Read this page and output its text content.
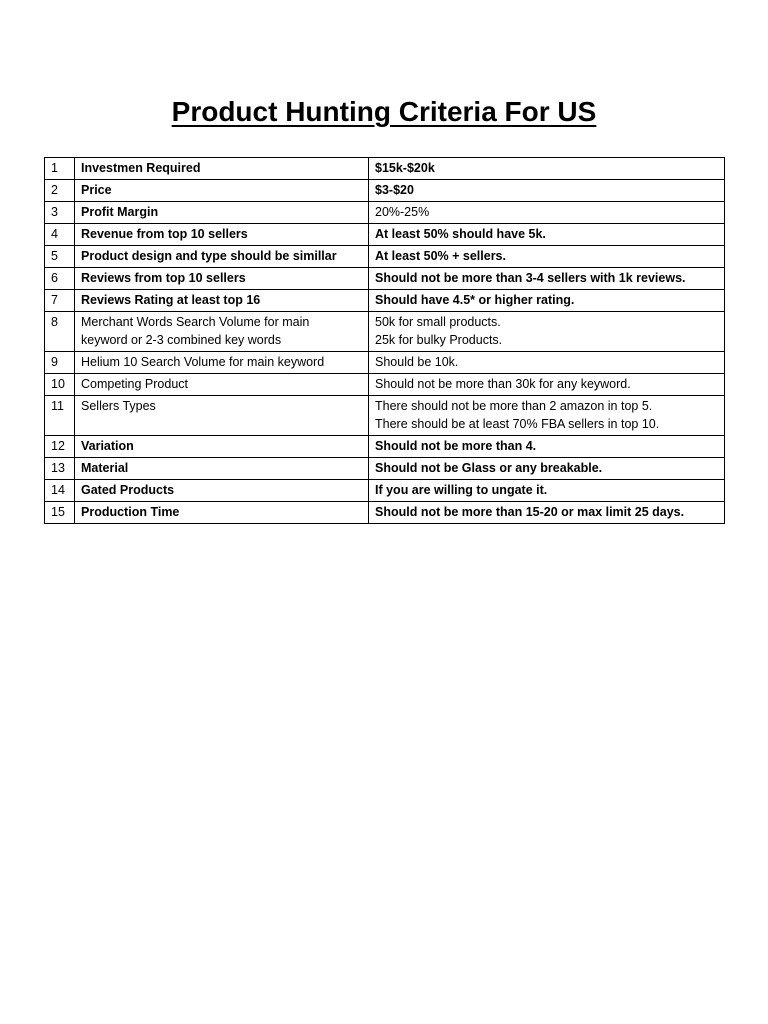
Product Hunting Criteria For US
1	Investmen Required	$15k-$20k

2	Price	$3-$20

3	Profit Margin	20%-25%

4	Revenue from top 10 sellers	At least 50% should have 5k.

5	Product design and type should be simillar	At least 50% + sellers.

6	Reviews from top 10 sellers	Should not be more than 3-4 sellers with 1k reviews.

7	Reviews Rating at least top 16	Should have 4.5* or higher rating.

8	Merchant Words Search Volume for main
keyword or 2-3 combined key words	50k for small products.
25k for bulky Products.

9	Helium 10 Search Volume for main keyword	Should be 10k.

10	Competing Product	Should not be more than 30k for any keyword.

11	Sellers Types	There should not be more than 2 amazon in top 5.
There should be at least 70% FBA sellers in top 10.

12	Variation	Should not be more than 4.

13	Material	Should not be Glass or any breakable.

14	Gated Products	If you are willing to ungate it.

15	Production Time	Should not be more than 15-20 or max limit 25 days.
